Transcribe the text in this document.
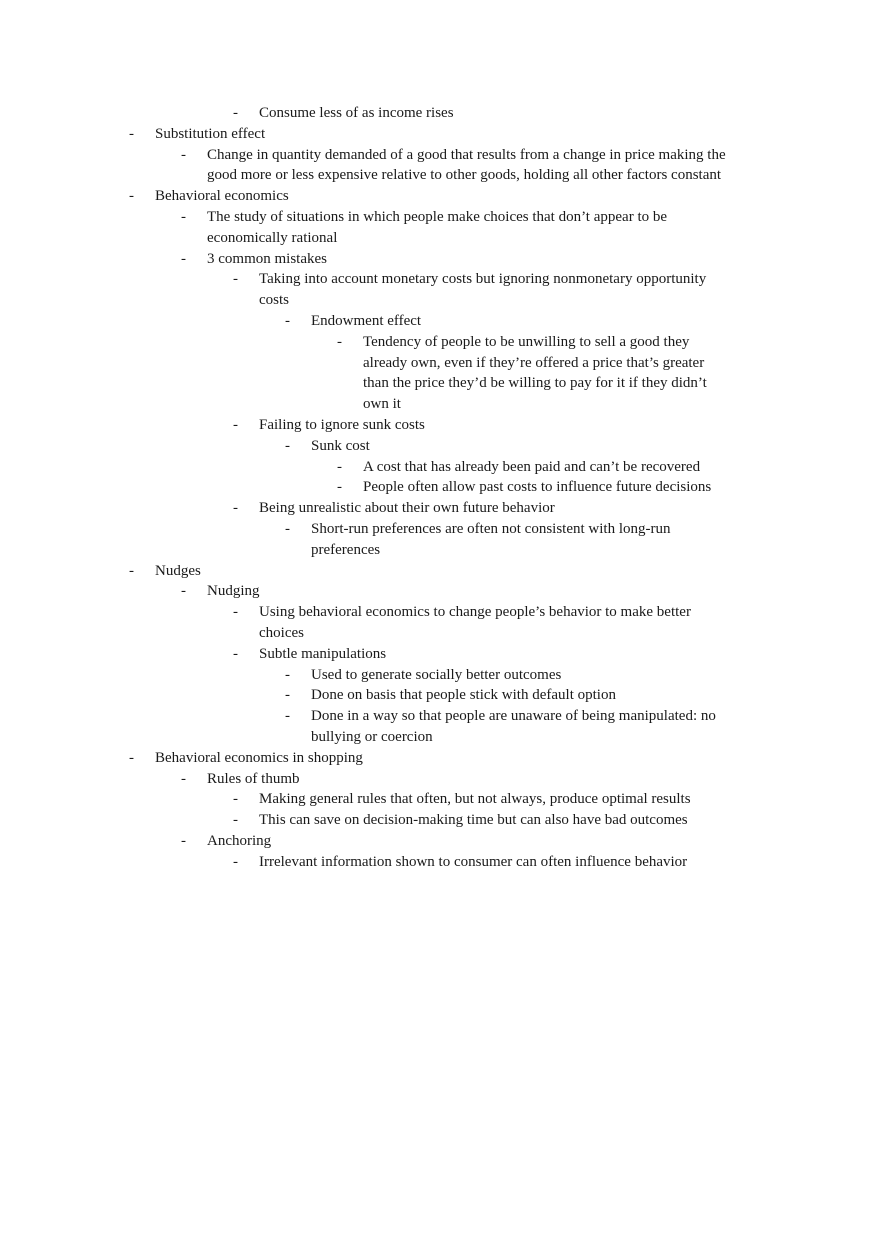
- Consume less of as income rises
- Substitution effect
- Change in quantity demanded of a good that results from a change in price making the good more or less expensive relative to other goods, holding all other factors constant
- Behavioral economics
- The study of situations in which people make choices that don’t appear to be economically rational
- 3 common mistakes
- Taking into account monetary costs but ignoring nonmonetary opportunity costs
- Endowment effect
- Tendency of people to be unwilling to sell a good they already own, even if they’re offered a price that’s greater than the price they’d be willing to pay for it if they didn’t own it
- Failing to ignore sunk costs
- Sunk cost
- A cost that has already been paid and can’t be recovered
- People often allow past costs to influence future decisions
- Being unrealistic about their own future behavior
- Short-run preferences are often not consistent with long-run preferences
- Nudges
- Nudging
- Using behavioral economics to change people’s behavior to make better choices
- Subtle manipulations
- Used to generate socially better outcomes
- Done on basis that people stick with default option
- Done in a way so that people are unaware of being manipulated: no bullying or coercion
- Behavioral economics in shopping
- Rules of thumb
- Making general rules that often, but not always, produce optimal results
- This can save on decision-making time but can also have bad outcomes
- Anchoring
- Irrelevant information shown to consumer can often influence behavior
